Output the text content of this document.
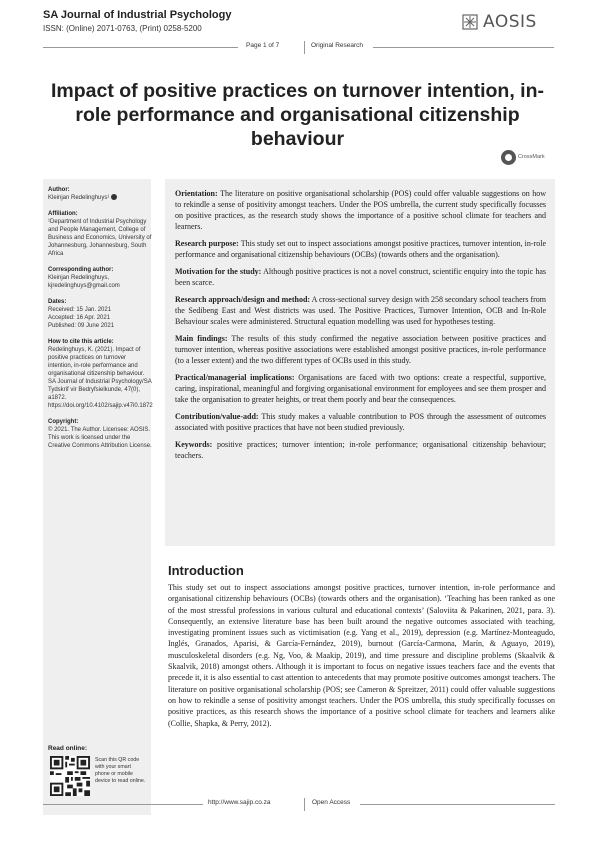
SA Journal of Industrial Psychology
ISSN: (Online) 2071-0763, (Print) 0258-5200	AOSIS
Page 1 of 7	Original Research
Impact of positive practices on turnover intention, in-role performance and organisational citizenship behaviour
CrossMark
Author:
Kleinjan Redelinghuys¹
Affiliation:
¹Department of Industrial Psychology and People Management, College of Business and Economics, University of Johannesburg, Johannesburg, South Africa
Corresponding author:
Kleinjan Redelinghuys,
kjredelinghuys@gmail.com
Dates:
Received: 15 Jan. 2021
Accepted: 16 Apr. 2021
Published: 09 June 2021
How to cite this article:
Redelinghuys, K. (2021). Impact of positive practices on turnover intention, in-role performance and organisational citizenship behaviour. SA Journal of Industrial Psychology/SA Tydskrif vir Bedryfsielkunde, 47(0), a1872. https://doi.org/10.4102/sajip.v47i0.1872
Copyright:
© 2021. The Author. Licensee: AOSIS. This work is licensed under the Creative Commons Attribution License.
Read online:
Scan this QR code with your smart phone or mobile device to read online.

Orientation: The literature on positive organisational scholarship (POS) could offer valuable suggestions on how to rekindle a sense of positivity amongst teachers. Under the POS umbrella, the current study specifically focusses on positive practices, as the research study shows the importance of a positive school climate for teachers and learners.

Research purpose: This study set out to inspect associations amongst positive practices, turnover intention, in-role performance and organisational citizenship behaviours (OCBs) (towards others and the organisation).

Motivation for the study: Although positive practices is not a novel construct, scientific enquiry into the topic has been scarce.

Research approach/design and method: A cross-sectional survey design with 258 secondary school teachers from the Sedibeng East and West districts was used. The Positive Practices, Turnover Intention, OCB and In-Role Behaviour scales were administered. Structural equation modelling was used for hypotheses testing.

Main findings: The results of this study confirmed the negative association between positive practices and turnover intention, whereas positive associations were established amongst positive practices, in-role performance (to a lesser extent) and the two different types of OCBs used in this study.

Practical/managerial implications: Organisations are faced with two options: create a respectful, supportive, caring, inspirational, meaningful and forgiving organisational environment for employees and see them prosper and take the organisation to greater heights, or treat them poorly and bear the consequences.

Contribution/value-add: This study makes a valuable contribution to POS through the assessment of outcomes associated with positive practices that have not been studied previously.

Keywords: positive practices; turnover intention; in-role performance; organisational citizenship behaviour; teachers.

Introduction

This study set out to inspect associations amongst positive practices, turnover intention, in-role performance and organisational citizenship behaviours (OCBs) (towards others and the organisation). ‘Teaching has been ranked as one of the most stressful professions in various cultural and educational contexts’ (Saloviita & Pakarinen, 2021, para. 3). Consequently, an extensive literature base has been built around the negative outcomes associated with teaching, investigating prominent issues such as victimisation (e.g. Yang et al., 2019), depression (e.g. Martínez-Monteagudo, Inglés, Granados, Aparisi, & García-Fernández, 2019), burnout (García-Carmona, Marín, & Aguayo, 2019), musculoskeletal disorders (e.g. Ng, Voo, & Maakip, 2019), and time pressure and discipline problems (Skaalvik & Skaalvik, 2018) amongst others. Although it is important to focus on negative issues teachers face and the events that precede it, it is also essential to cast attention to antecedents that may promote positive outcomes amongst teachers. The literature on positive organisational scholarship (POS; see Cameron & Spreitzer, 2011) could offer valuable suggestions on how to rekindle a sense of positivity amongst teachers. Under the POS umbrella, this study specifically focusses on positive practices, as this research shows the importance of a positive school climate for teachers and learners alike (Collie, Shapka, & Perry, 2012).

http://www.sajip.co.za	Open Access
